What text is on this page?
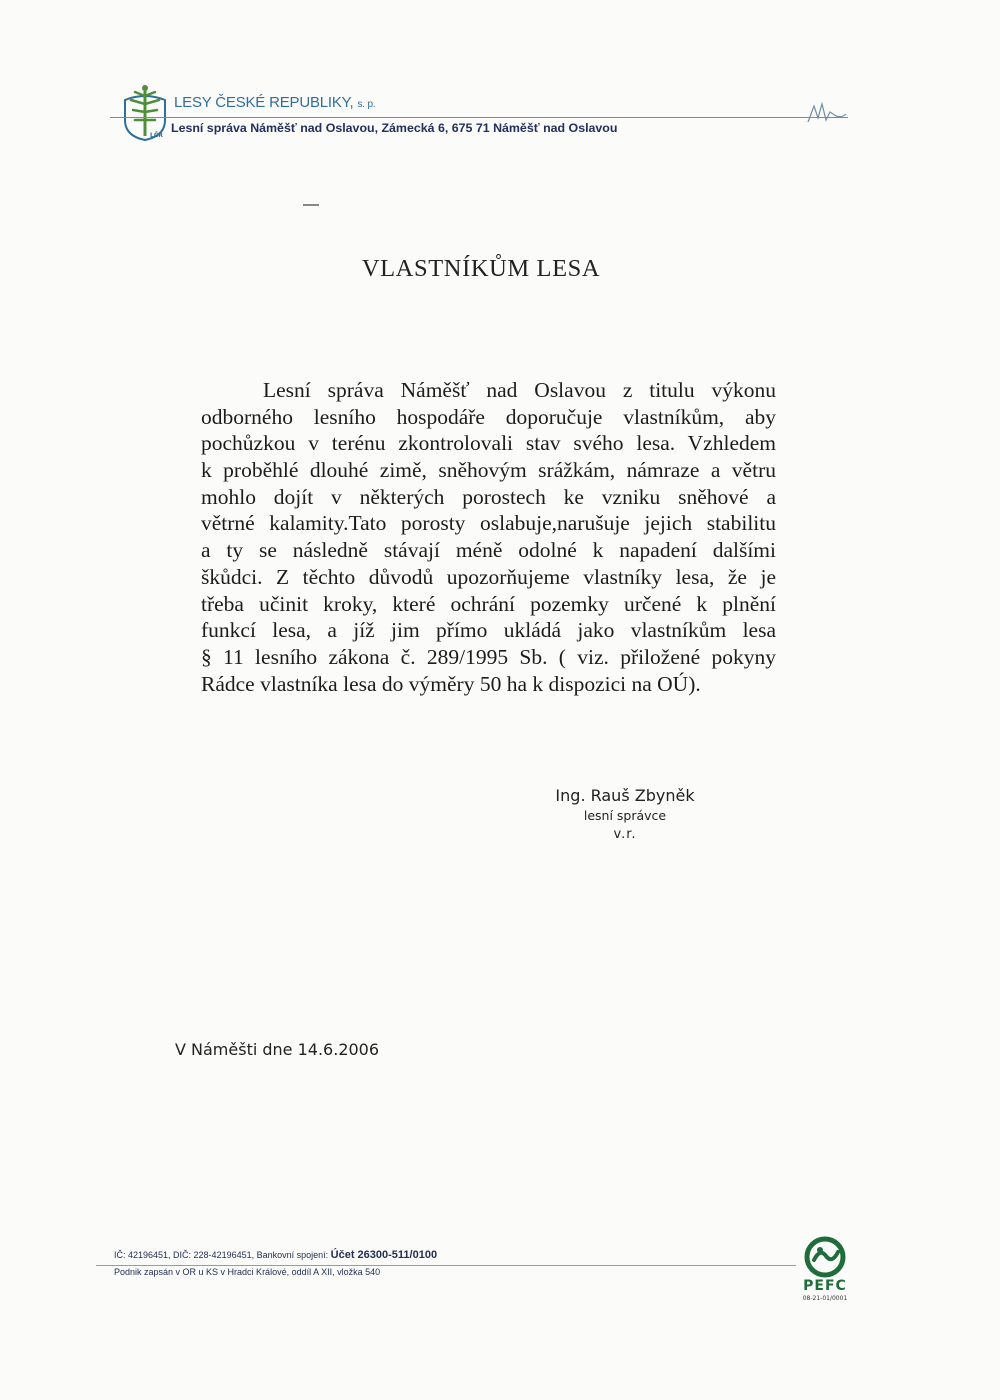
LČR
LESY ČESKÉ REPUBLIKY, s. p.
Lesní správa Náměšť nad Oslavou, Zámecká 6, 675 71 Náměšť nad Oslavou
VLASTNÍKŮM LESA
Lesní správa Náměšť nad Oslavou z titulu výkonu
odborného lesního hospodáře doporučuje vlastníkům, aby
pochůzkou v terénu zkontrolovali stav svého lesa. Vzhledem
k proběhlé dlouhé zimě, sněhovým srážkám, námraze a větru
mohlo dojít v některých porostech ke vzniku sněhové a
větrné kalamity.Tato porosty oslabuje,narušuje jejich stabilitu
a ty se následně stávají méně odolné k napadení dalšími
škůdci. Z těchto důvodů upozorňujeme vlastníky lesa, že je
třeba učinit kroky, které ochrání pozemky určené k plnění
funkcí lesa, a jíž jim přímo ukládá jako vlastníkům lesa
§ 11 lesního zákona č. 289/1995 Sb. ( viz. přiložené pokyny
Rádce vlastníka lesa do výměry 50 ha k dispozici na OÚ).
Ing. Rauš Zbyněk
lesní správce
v.r.
V Náměšti dne 14.6.2006
IČ: 42196451, DIČ: 228-42196451, Bankovní spojení: Účet 26300-511/0100
Podnik zapsán v OR u KS v Hradci Králové, oddíl A XII, vložka 540
PEFC
08-21-01/0001
